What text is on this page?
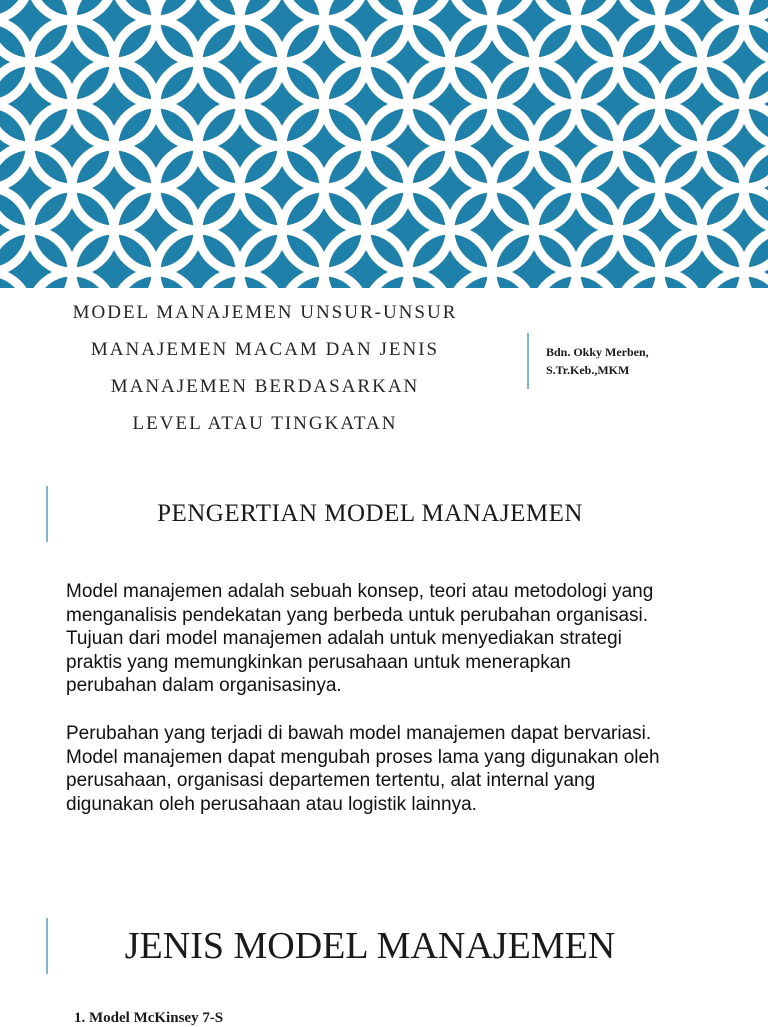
MODEL MANAJEMEN UNSUR-UNSUR
MANAJEMEN MACAM DAN JENIS
MANAJEMEN BERDASARKAN
LEVEL ATAU TINGKATAN
Bdn. Okky Merben,
S.Tr.Keb.,MKM
PENGERTIAN MODEL MANAJEMEN
Model manajemen adalah sebuah konsep, teori atau metodologi yang menganalisis pendekatan yang berbeda untuk perubahan organisasi. Tujuan dari model manajemen adalah untuk menyediakan strategi praktis yang memungkinkan perusahaan untuk menerapkan perubahan dalam organisasinya.
Perubahan yang terjadi di bawah model manajemen dapat bervariasi. Model manajemen dapat mengubah proses lama yang digunakan oleh perusahaan, organisasi departemen tertentu, alat internal yang digunakan oleh perusahaan atau logistik lainnya.
JENIS MODEL MANAJEMEN
1. Model McKinsey 7-S
